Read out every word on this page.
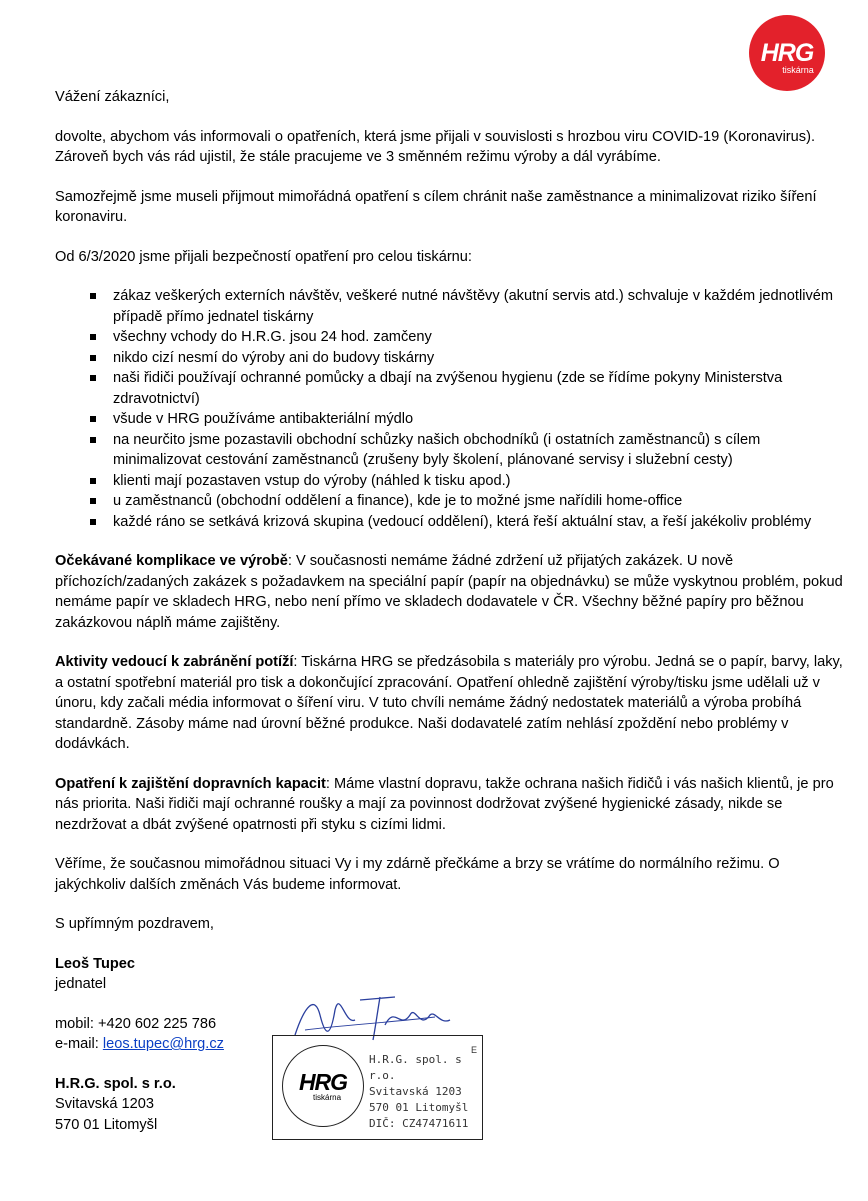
HRG
tiskárna

Vážení zákazníci,

dovolte, abychom vás informovali o opatřeních, která jsme přijali v souvislosti s hrozbou viru COVID-19 (Koronavirus). Zároveň bych vás rád ujistil, že stále pracujeme ve 3 směnném režimu výroby a dál vyrábíme.

Samozřejmě jsme museli přijmout mimořádná opatření s cílem chránit naše zaměstnance a minimalizovat riziko šíření koronaviru.

Od 6/3/2020 jsme přijali bezpečností opatření pro celou tiskárnu:

zákaz veškerých externích návštěv, veškeré nutné návštěvy (akutní servis atd.) schvaluje v každém jednotlivém případě přímo jednatel tiskárny
všechny vchody do H.R.G. jsou 24 hod. zamčeny
nikdo cizí nesmí do výroby ani do budovy tiskárny
naši řidiči používají ochranné pomůcky a dbají na zvýšenou hygienu (zde se řídíme pokyny Ministerstva zdravotnictví)
všude v HRG používáme antibakteriální mýdlo
na neurčito jsme pozastavili obchodní schůzky našich obchodníků (i ostatních zaměstnanců) s cílem minimalizovat cestování zaměstnanců (zrušeny byly školení, plánované servisy i služební cesty)
klienti mají pozastaven vstup do výroby (náhled k tisku apod.)
u zaměstnanců (obchodní oddělení a finance), kde je to možné jsme nařídili home-office
každé ráno se setkává krizová skupina (vedoucí oddělení), která řeší aktuální stav, a řeší jakékoliv problémy

Očekávané komplikace ve výrobě: V současnosti nemáme žádné zdržení už přijatých zakázek. U nově příchozích/zadaných zakázek s požadavkem na speciální papír (papír na objednávku) se může vyskytnou problém, pokud nemáme papír ve skladech HRG, nebo není přímo ve skladech dodavatele v ČR. Všechny běžné papíry pro běžnou zakázkovou náplň máme zajištěny.

Aktivity vedoucí k zabránění potíží: Tiskárna HRG se předzásobila s materiály pro výrobu. Jedná se o papír, barvy, laky, a ostatní spotřební materiál pro tisk a dokončující zpracování. Opatření ohledně zajištění výroby/tisku jsme udělali už v únoru, kdy začali média informovat o šíření viru. V tuto chvíli nemáme žádný nedostatek materiálů a výroba probíhá standardně. Zásoby máme nad úrovní běžné produkce. Naši dodavatelé zatím nehlásí zpoždění nebo problémy v dodávkách.

Opatření k zajištění dopravních kapacit: Máme vlastní dopravu, takže ochrana našich řidičů i vás našich klientů, je pro nás priorita. Naši řidiči mají ochranné roušky a mají za povinnost dodržovat zvýšené hygienické zásady, nikde se nezdržovat a dbát zvýšené opatrnosti při styku s cizími lidmi.

Věříme, že současnou mimořádnou situaci Vy i my zdárně přečkáme a brzy se vrátíme do normálního režimu. O jakýchkoliv dalších změnách Vás budeme informovat.

S upřímným pozdravem,

Leoš Tupec

jednatel

mobil: +420 602 225 786

e-mail: leos.tupec@hrg.cz

H.R.G. spol. s r.o.

Svitavská 1203

570 01 Litomyšl

HRG
tiskárna
H.R.G. spol. s r.o.
Svitavská 1203
570 01 Litomyšl
DIČ: CZ47471611
E
